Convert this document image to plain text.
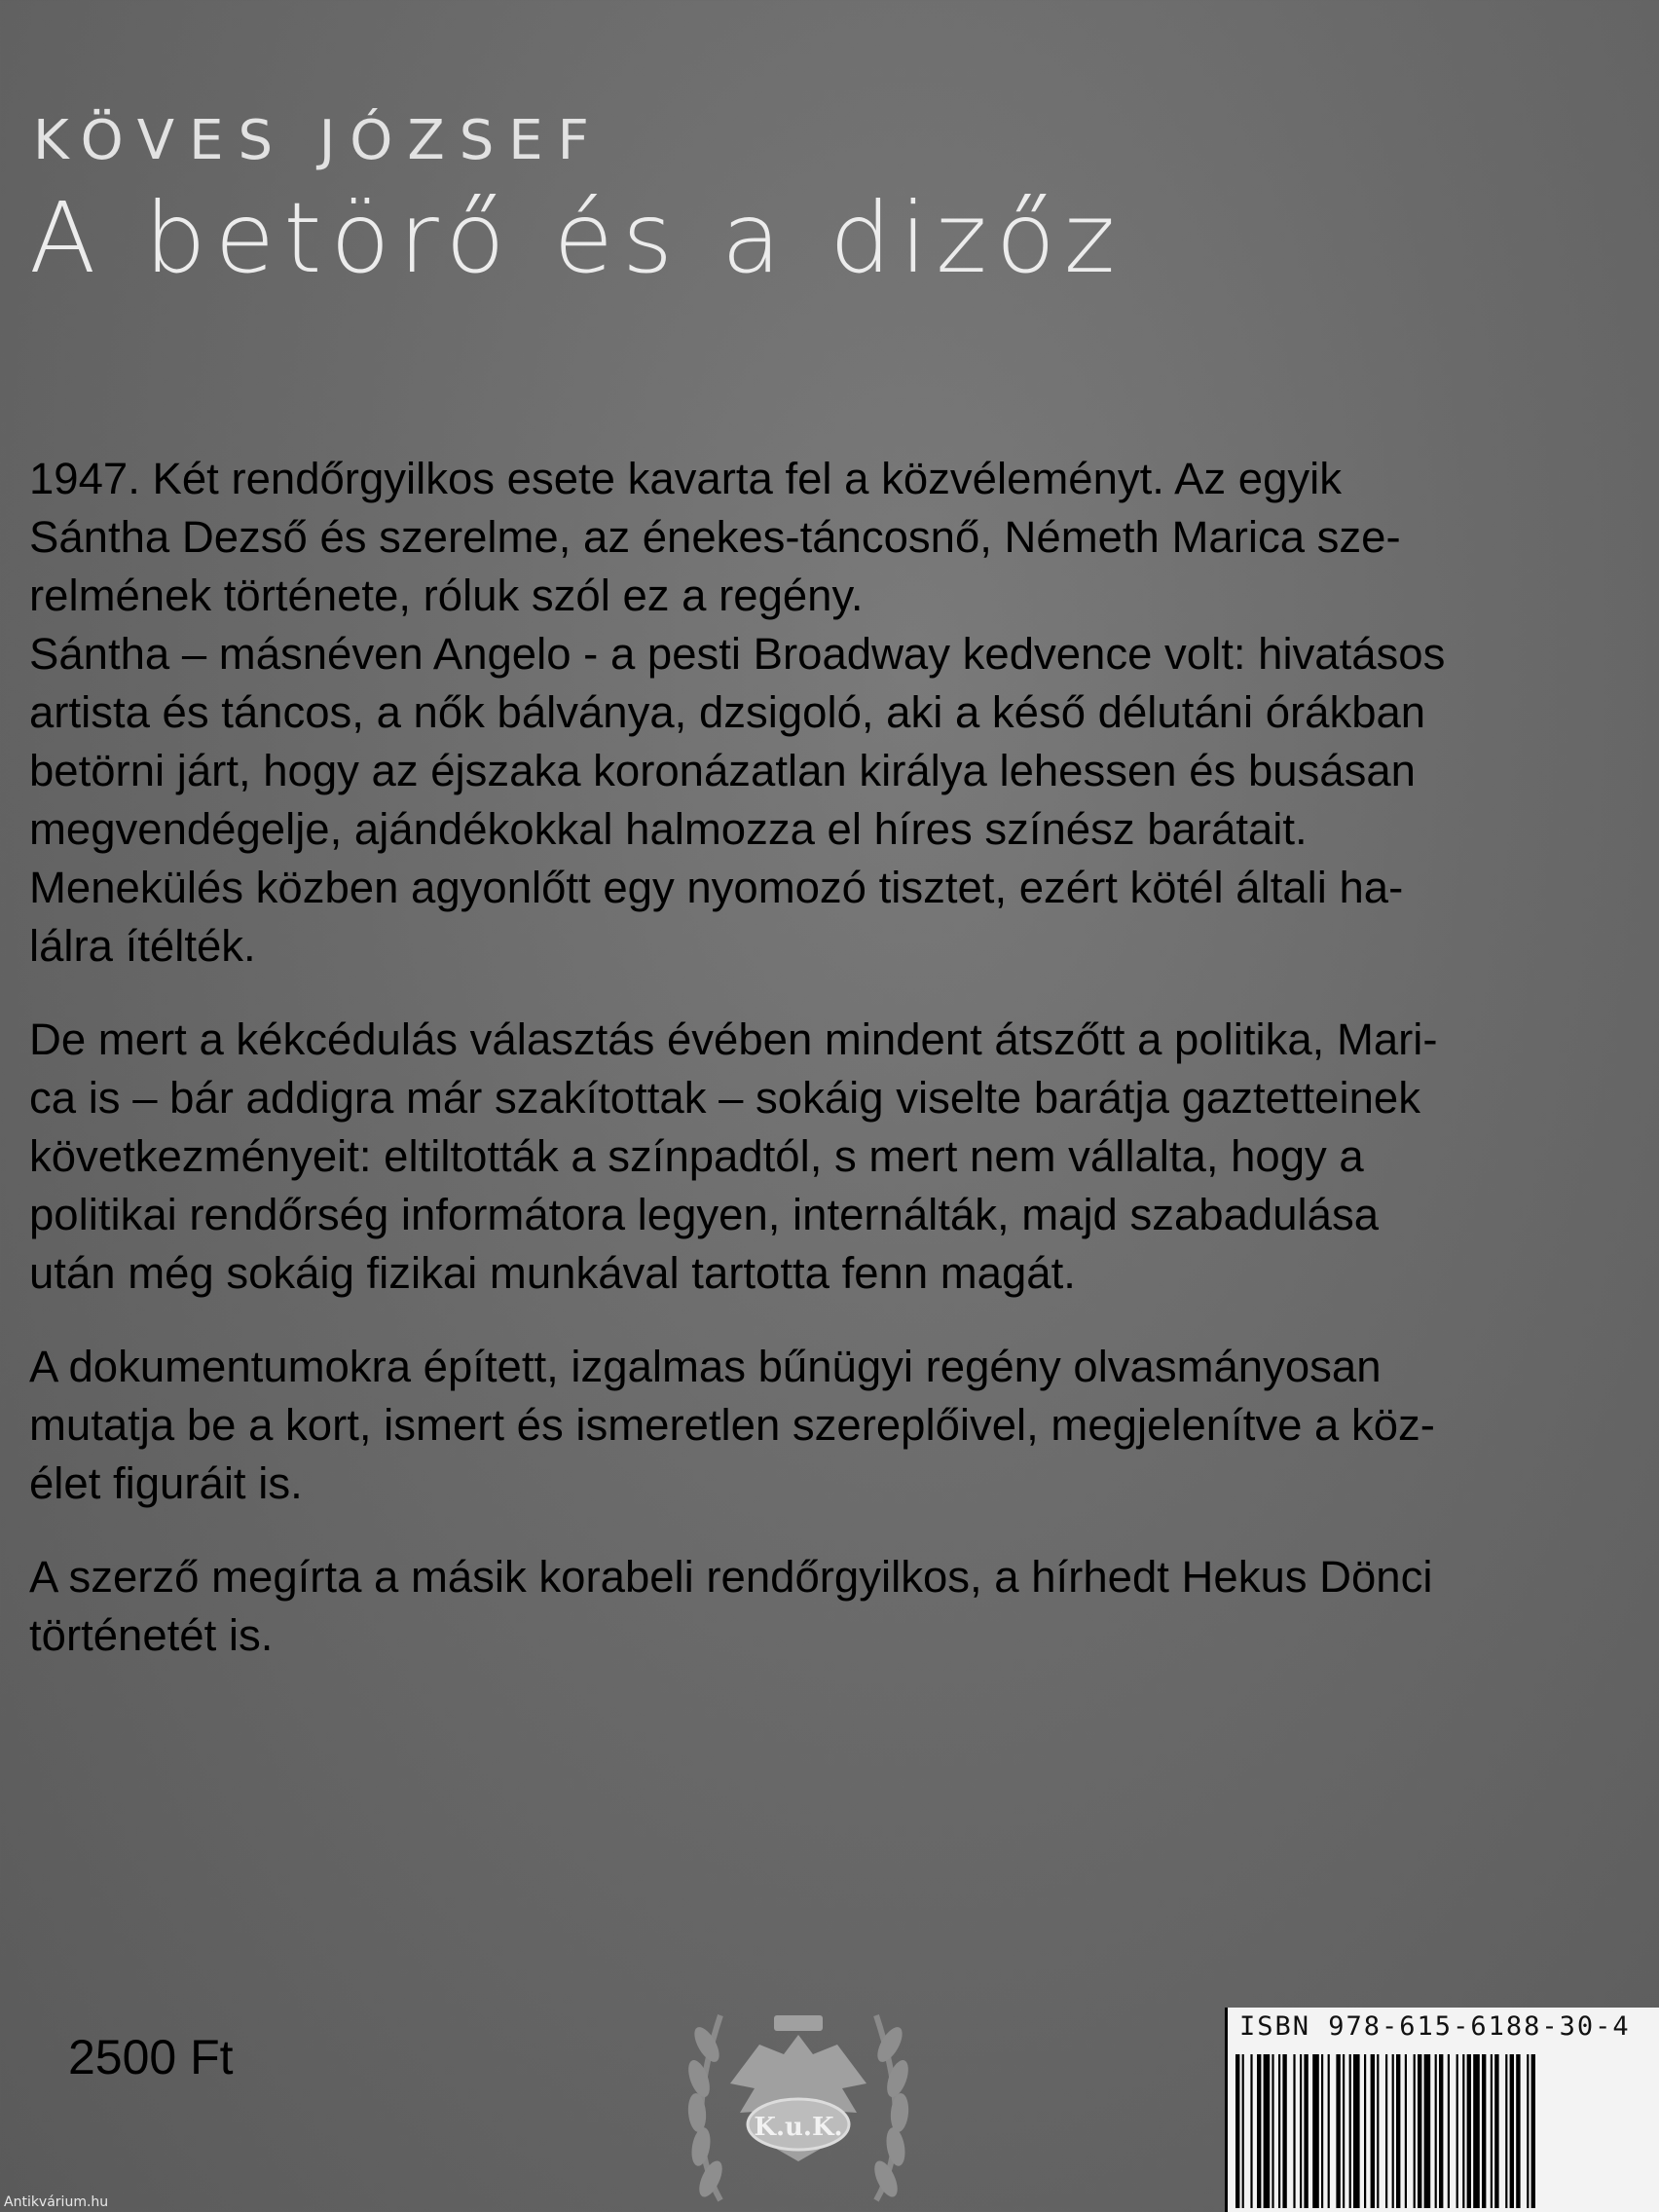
KÖVES JÓZSEF
A betörő és a dizőz

1947. Két rendőrgyilkos esete kavarta fel a közvéleményt. Az egyik
Sántha Dezső és szerelme, az énekes-táncosnő, Németh Marica sze-
relmének története, róluk szól ez a regény.
Sántha – másnéven Angelo - a pesti Broadway kedvence volt: hivatásos
artista és táncos, a nők bálványa, dzsigoló, aki a késő délutáni órákban
betörni járt, hogy az éjszaka koronázatlan királya lehessen és busásan
megvendégelje, ajándékokkal halmozza el híres színész barátait.
Menekülés közben agyonlőtt egy nyomozó tisztet, ezért kötél általi ha-
lálra ítélték.

De mert a kékcédulás választás évében mindent átszőtt a politika, Mari-
ca is – bár addigra már szakítottak – sokáig viselte barátja gaztetteinek
következményeit: eltiltották a színpadtól, s mert nem vállalta, hogy a
politikai rendőrség informátora legyen, internálták, majd szabadulása
után még sokáig fizikai munkával tartotta fenn magát.

A dokumentumokra épített, izgalmas bűnügyi regény olvasmányosan
mutatja be a kort, ismert és ismeretlen szereplőivel, megjelenítve a köz-
élet figuráit is.

A szerző megírta a másik korabeli rendőrgyilkos, a hírhedt Hekus Dönci
történetét is.

2500 Ft
K.u.K.
ISBN 978-615-6188-30-4
Antikvárium.hu
